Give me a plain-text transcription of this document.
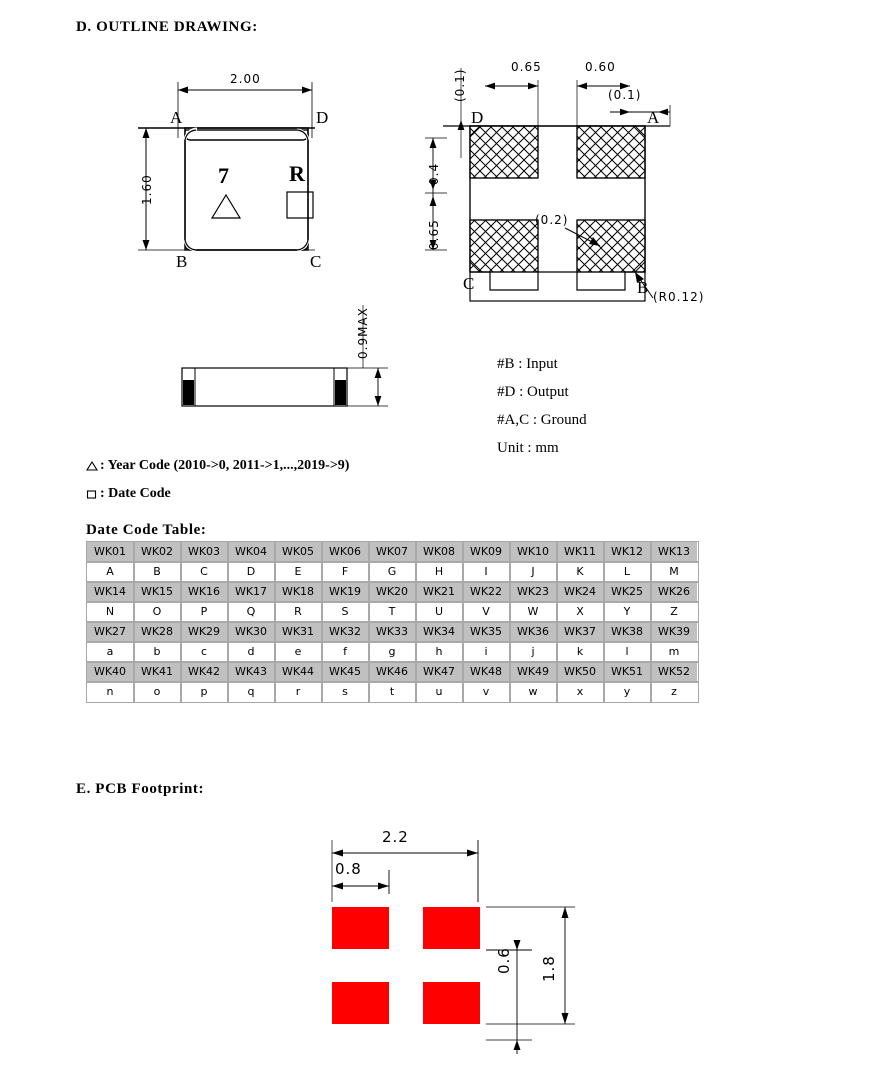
D. OUTLINE DRAWING:
2.00
1.60
A	D
B	C
7	R
0.65	0.60
(0.1)
(0.1)
0.4
0.65	(0.2)
(R0.12)
D	A
C	B
0.9MAX
#B : Input
#D : Output
#A,C : Ground
Unit : mm
: Year Code (2010->0, 2011->1,...,2019->9)
: Date Code
Date Code Table:
WK01	WK02	WK03	WK04	WK05	WK06	WK07	WK08	WK09	WK10	WK11	WK12	WK13
A	B	C	D	E	F	G	H	I	J	K	L	M
WK14	WK15	WK16	WK17	WK18	WK19	WK20	WK21	WK22	WK23	WK24	WK25	WK26
N	O	P	Q	R	S	T	U	V	W	X	Y	Z
WK27	WK28	WK29	WK30	WK31	WK32	WK33	WK34	WK35	WK36	WK37	WK38	WK39
a	b	c	d	e	f	g	h	i	j	k	l	m
WK40	WK41	WK42	WK43	WK44	WK45	WK46	WK47	WK48	WK49	WK50	WK51	WK52
n	o	p	q	r	s	t	u	v	w	x	y	z
E. PCB Footprint:
2.2
0.8
1.8
0.6
